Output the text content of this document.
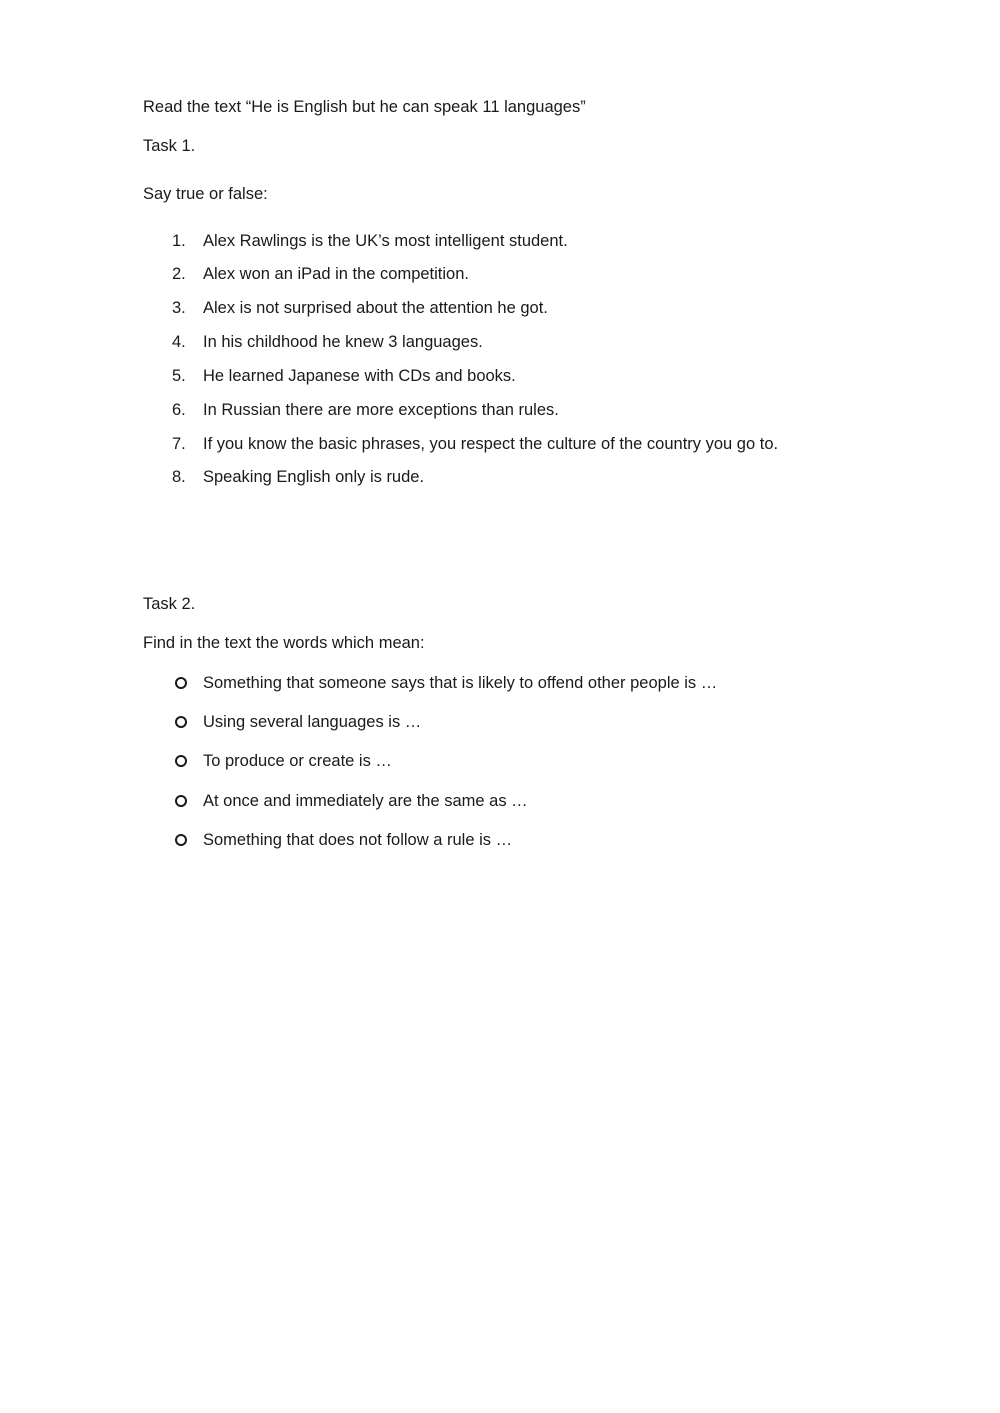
Read the text “He is English but he can speak 11 languages”
Task 1.
Say true or false:
1.	Alex Rawlings is the UK’s most intelligent student.
2.	Alex won an iPad in the competition.
3.	Alex is not surprised about the attention he got.
4.	In his childhood he knew 3 languages.
5.	He learned Japanese with CDs and books.
6.	In Russian there are more exceptions than rules.
7.	If you know the basic phrases, you respect the culture of the country you go to.
8.	Speaking English only is rude.
Task 2.
Find in the text the words which mean:
Something that someone says that is likely to offend other people is …
Using several languages is …
To produce or create is …
At once and immediately are the same as …
Something that does not follow a rule is …
